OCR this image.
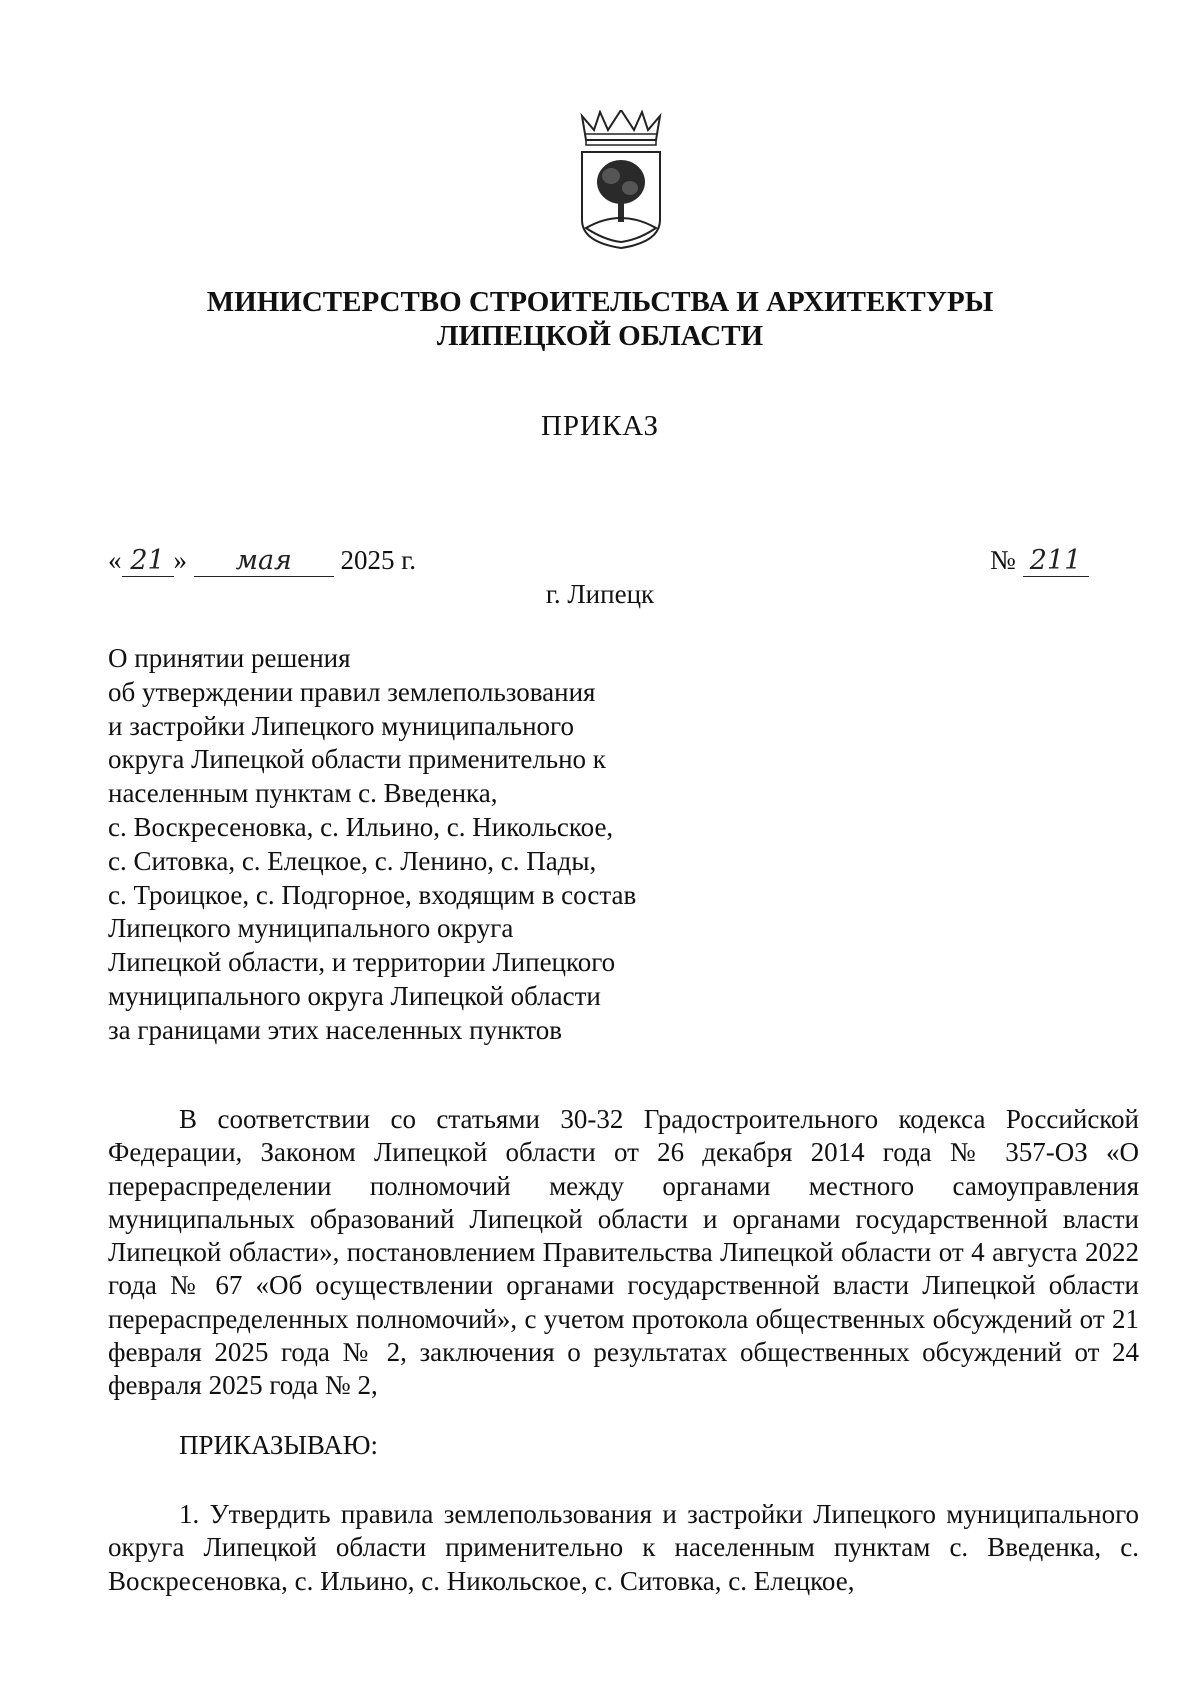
МИНИСТЕРСТВО СТРОИТЕЛЬСТВА И АРХИТЕКТУРЫ
ЛИПЕЦКОЙ ОБЛАСТИ
ПРИКАЗ
« 21 » мая 2025 г.	№ 211
г. Липецк
О принятии решения
об утверждении правил землепользования
и застройки Липецкого муниципального
округа Липецкой области применительно к
населенным пунктам с. Введенка,
с. Воскресеновка, с. Ильино, с. Никольское,
с. Ситовка, с. Елецкое, с. Ленино, с. Пады,
с. Троицкое, с. Подгорное, входящим в состав
Липецкого муниципального округа
Липецкой области, и территории Липецкого
муниципального округа Липецкой области
за границами этих населенных пунктов
В соответствии со статьями 30-32 Градостроительного кодекса Российской Федерации, Законом Липецкой области от 26 декабря 2014 года № 357-ОЗ «О перераспределении полномочий между органами местного самоуправления муниципальных образований Липецкой области и органами государственной власти Липецкой области», постановлением Правительства Липецкой области от 4 августа 2022 года № 67 «Об осуществлении органами государственной власти Липецкой области перераспределенных полномочий», с учетом протокола общественных обсуждений от 21 февраля 2025 года № 2, заключения о результатах общественных обсуждений от 24 февраля 2025 года № 2,
ПРИКАЗЫВАЮ:
1. Утвердить правила землепользования и застройки Липецкого муниципального округа Липецкой области применительно к населенным пунктам с. Введенка, с. Воскресеновка, с. Ильино, с. Никольское, с. Ситовка, с. Елецкое,
